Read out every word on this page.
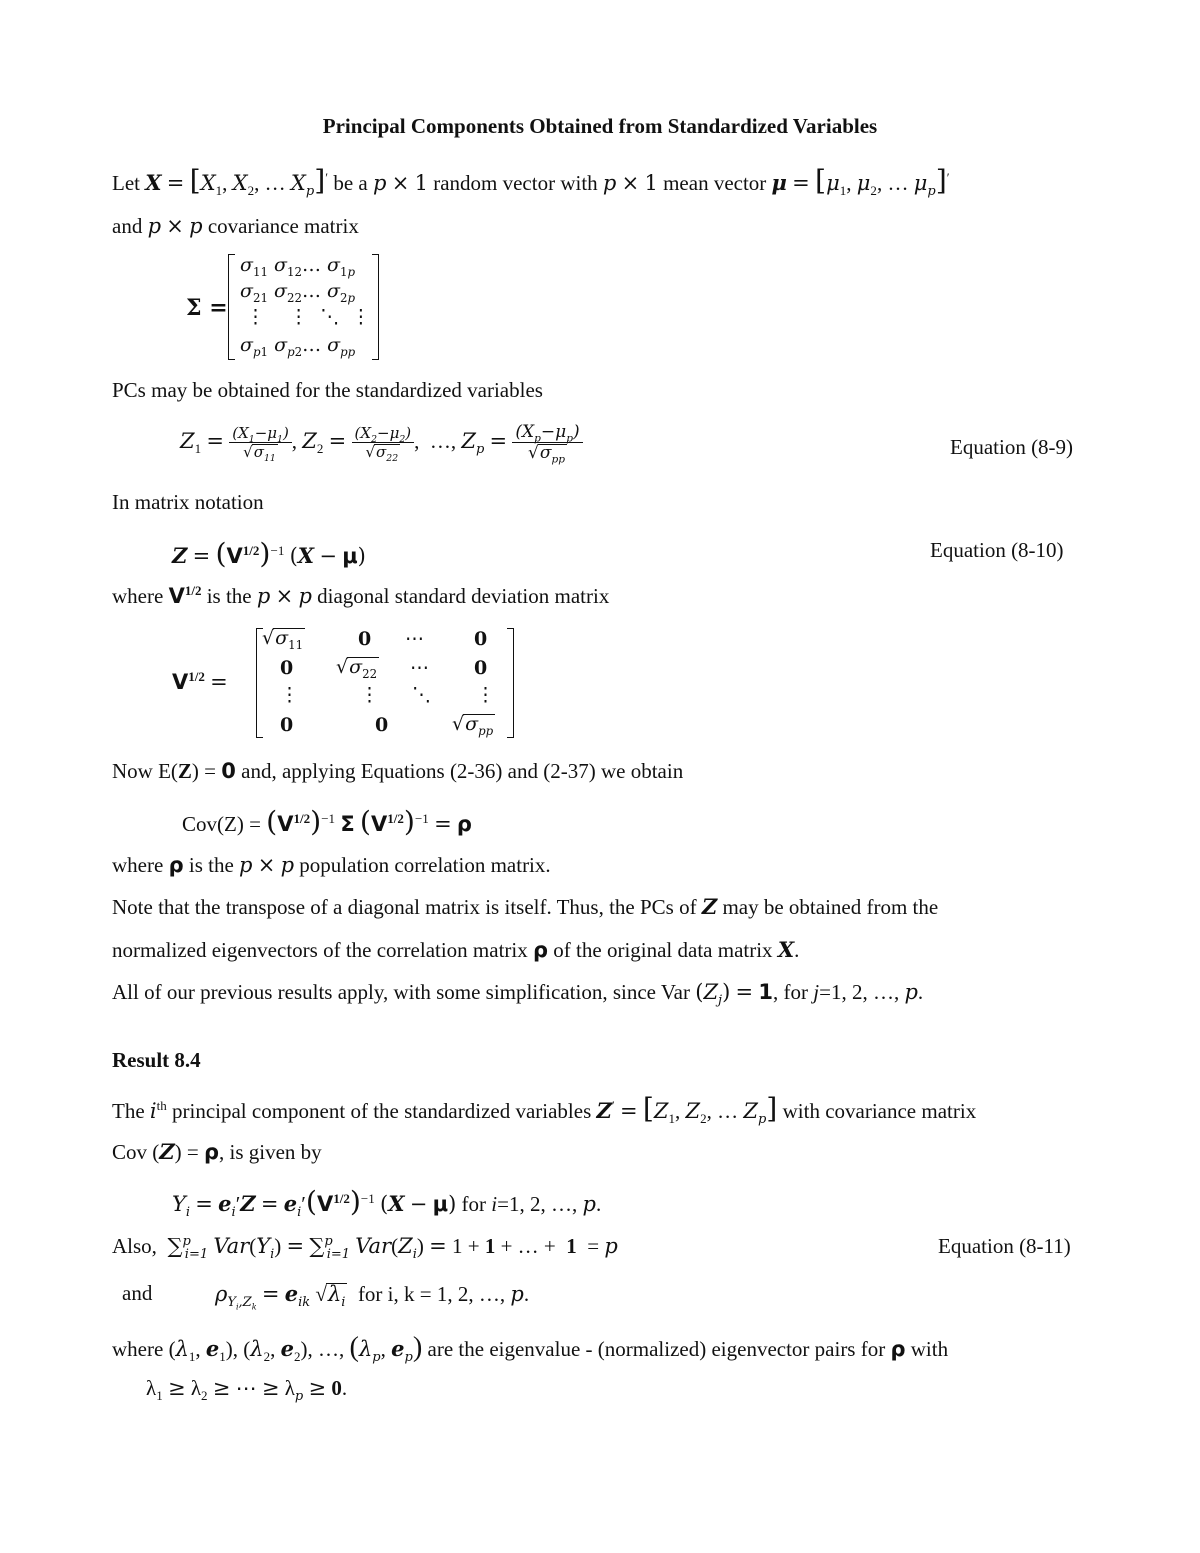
Principal Components Obtained from Standardized Variables
Let $X = [X_1$, $X_2$, … $X_p]'$ be a p × 1 random vector with p × 1 mean vector $\mu = [\mu_1$, $\mu_2$, … $\mu_p]'$
and p × p covariance matrix
Σ =
$\sigma_{11}$ $\sigma_{12}\dots$ $\sigma_{1p}$
$\sigma_{21}$ $\sigma_{22}\dots$ $\sigma_{2p}$
⋮    ⋮  ⋱  ⋮
$\sigma_{p1}$ $\sigma_{p2}\dots$ $\sigma_{pp}$
PCs may be obtained for the standardized variables
$Z_1 = \frac{(X_1-\mu_1)}{√\sigma_{11}}$ , $Z_2 = \frac{(X_2-\mu_2)}{√\sigma_{22}}$ ,  …, $Z_p = \frac{(X_p-\mu_p)}{√\sigma_{pp}}$	Equation (8-9)
In matrix notation
$Z = (V^{1/2})^{-1}$ (X − μ)	Equation (8-10)
where $V^{1/2}$ is the p × p diagonal standard deviation matrix
$V^{1/2}$ =
$√\sigma_{11}$	0 ⋯	0
0 $√\sigma_{22}$ ⋯ 0
⋮	⋮ ⋱ ⋮
0	0	$√\sigma_{pp}$
Now E(Z) = 0 and, applying Equations (2-36) and (2-37) we obtain
$Cov(Z) = (V^{1/2})^{-1}$ Σ $(V^{1/2})^{-1} = \rho$
where ρ is the p × p population correlation matrix.
Note that the transpose of a diagonal matrix is itself. Thus, the PCs of Z may be obtained from the
normalized eigenvectors of the correlation matrix ρ of the original data matrix X.
All of our previous results apply, with some simplification, since Var $(Z_j) = 1$, for j=1, 2, …, p.
Result 8.4
The $i^{th}$ principal component of the standardized variables $Z' = [Z_1$, $Z_2$, … $Z_p$] with covariance matrix
Cov (Z) = ρ, is given by
$Y_i = e_i'Z = e_i'(V^{1/2})^{-1}$ (X − μ) for i=1, 2, …, p.
Also, ∑$^p_{i=1}$ $Var(Y_i) = \sum^p_{i=1}$ $Var(Z_i) = 1 + 1$ + … +  1  = p	Equation (8-11)
and	$\rho_{Y_i,Z_k} = e_{ik}$ $√\lambda_i$ for i, k = 1, 2, …, p.
where ($\lambda_1$, $e_1$), ($\lambda_2$, $e_2$), …, ($\lambda_p$, $e_p$) are the eigenvalue - (normalized) eigenvector pairs for ρ with
$\lambda_1 \ge \lambda_2$ ≥ ⋯ ≥ $\lambda_p \ge 0$.
